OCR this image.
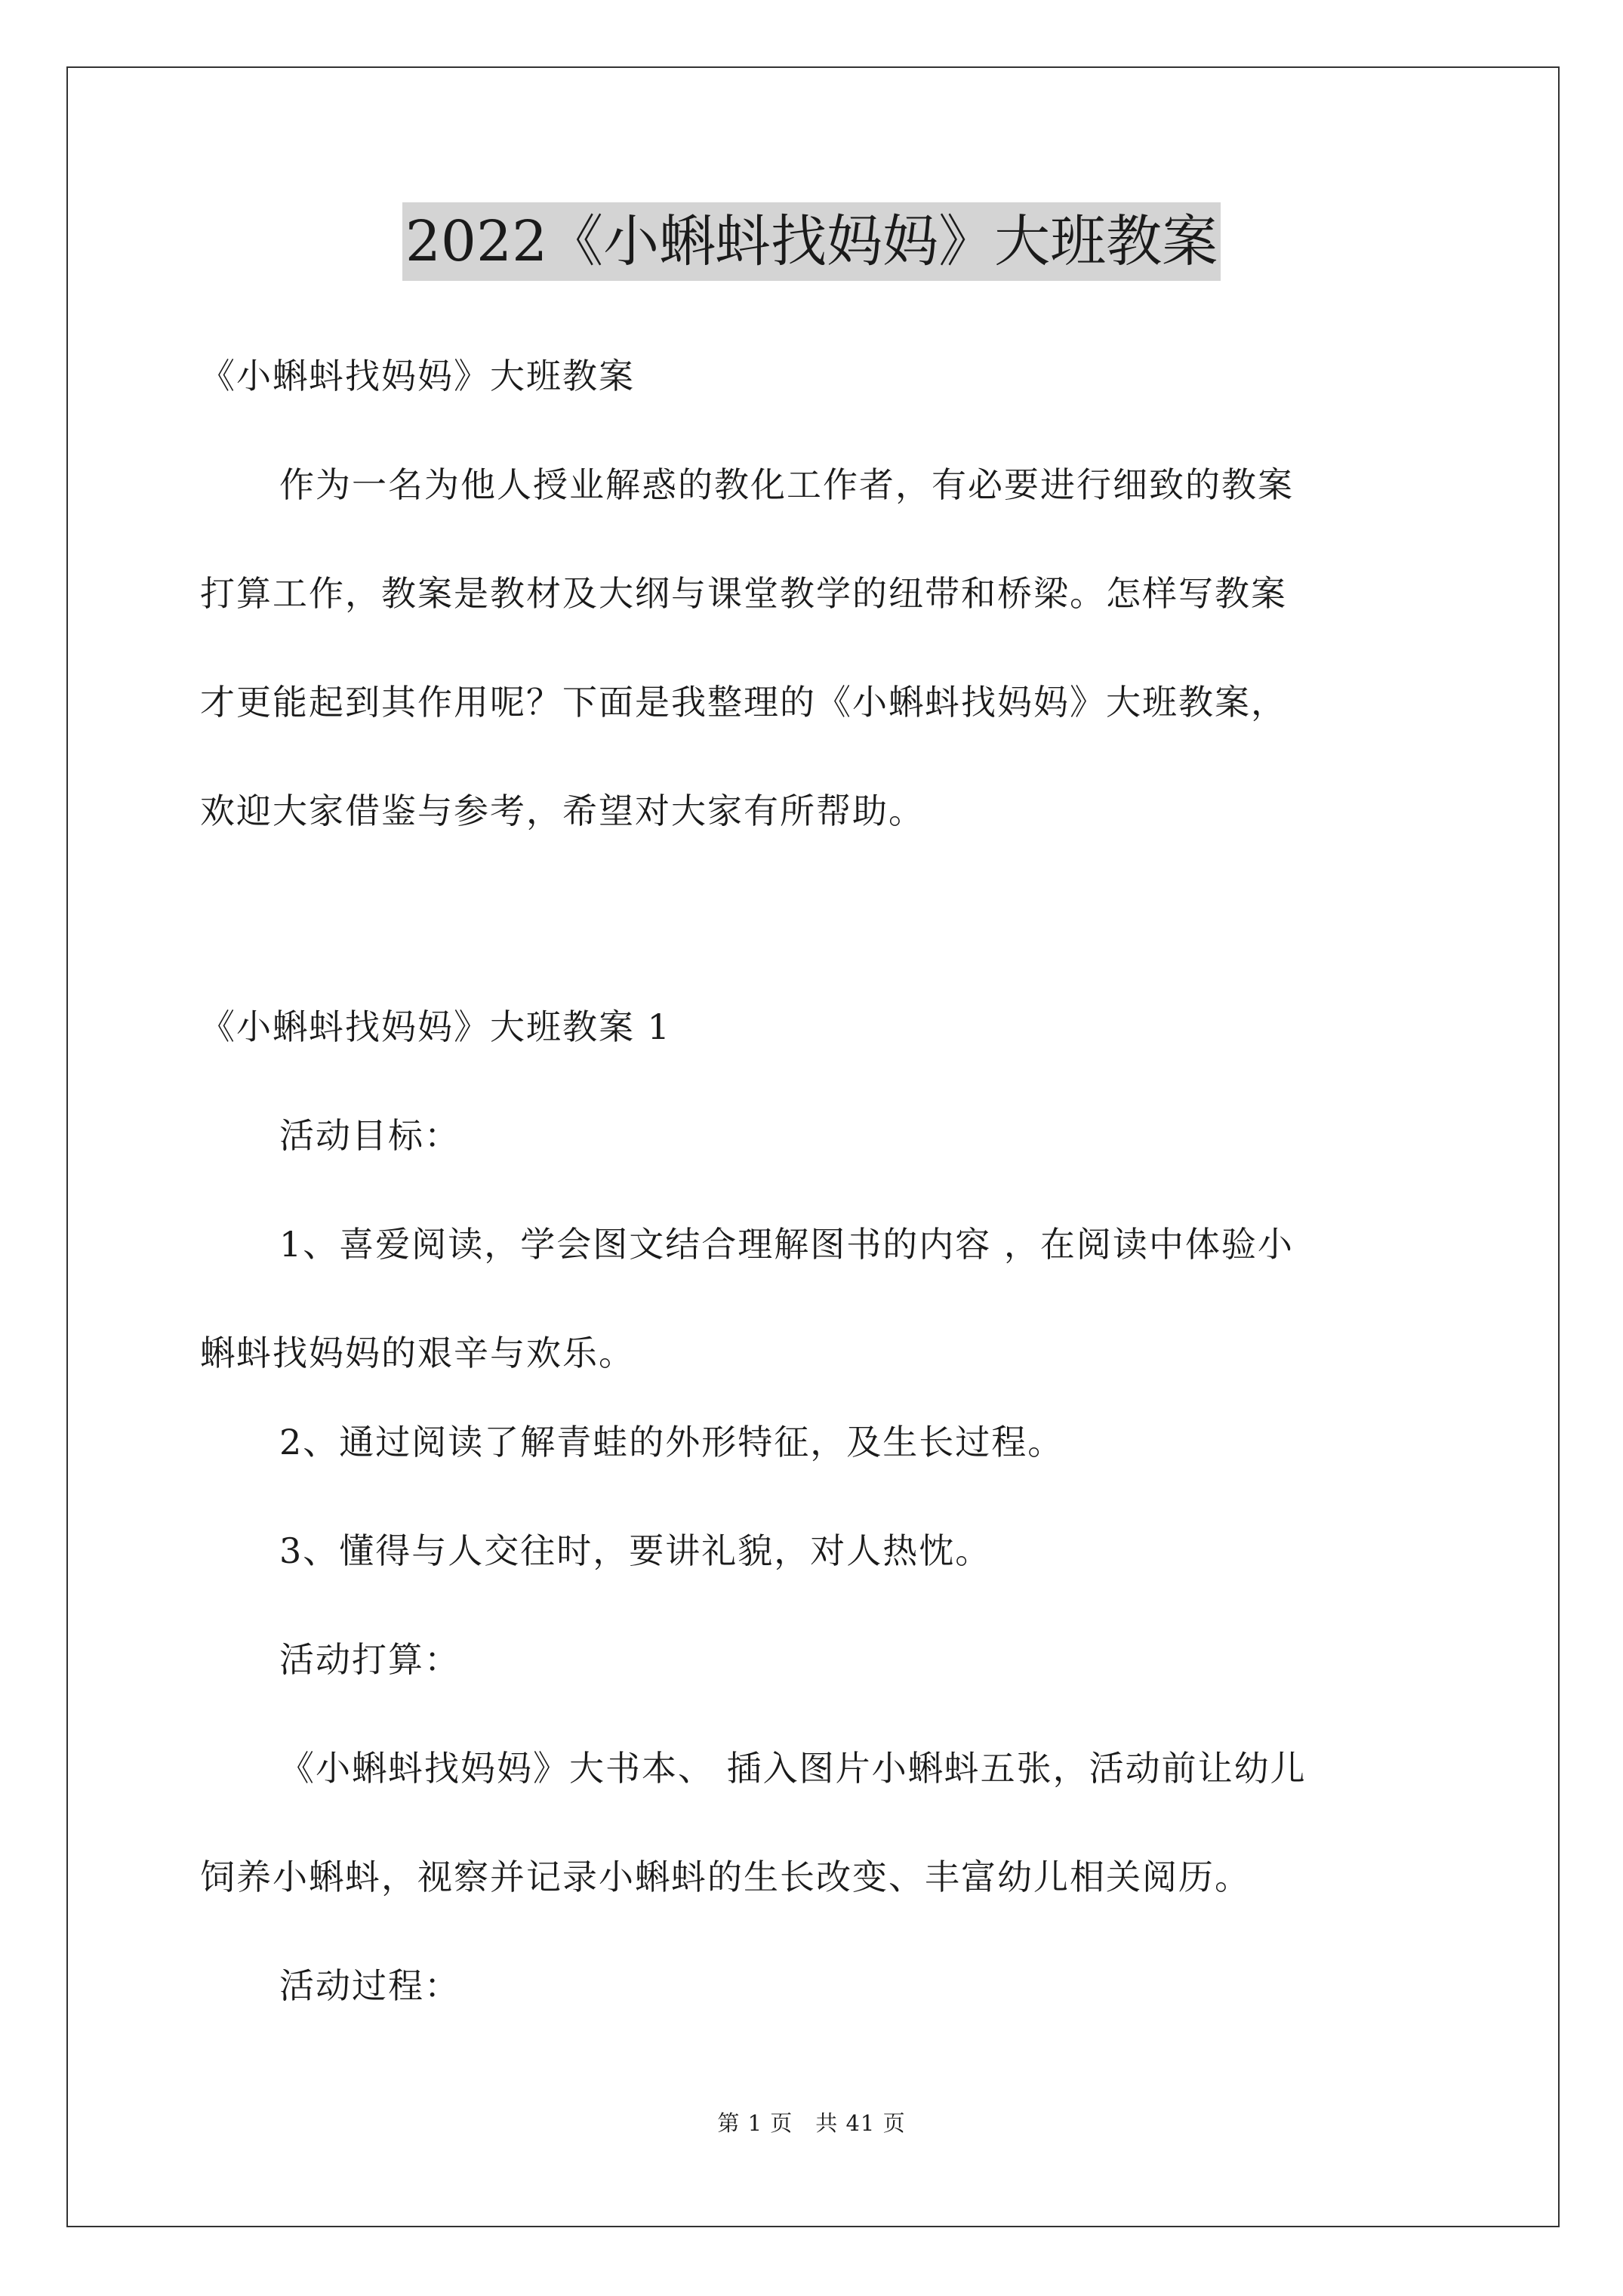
2022《小蝌蚪找妈妈》大班教案
《小蝌蚪找妈妈》大班教案
作为一名为他人授业解惑的教化工作者，有必要进行细致的教案
打算工作，教案是教材及大纲与课堂教学的纽带和桥梁。怎样写教案
才更能起到其作用呢？下面是我整理的《小蝌蚪找妈妈》大班教案，
欢迎大家借鉴与参考，希望对大家有所帮助。
《小蝌蚪找妈妈》大班教案 1
活动目标：
1、喜爱阅读，学会图文结合理解图书的内容 ，在阅读中体验小
蝌蚪找妈妈的艰辛与欢乐。
2、通过阅读了解青蛙的外形特征，及生长过程。
3、懂得与人交往时，要讲礼貌，对人热忱。
活动打算：
《小蝌蚪找妈妈》大书本、 插入图片小蝌蚪五张，活动前让幼儿
饲养小蝌蚪，视察并记录小蝌蚪的生长改变、丰富幼儿相关阅历。
活动过程：
第 1 页　共 41 页
